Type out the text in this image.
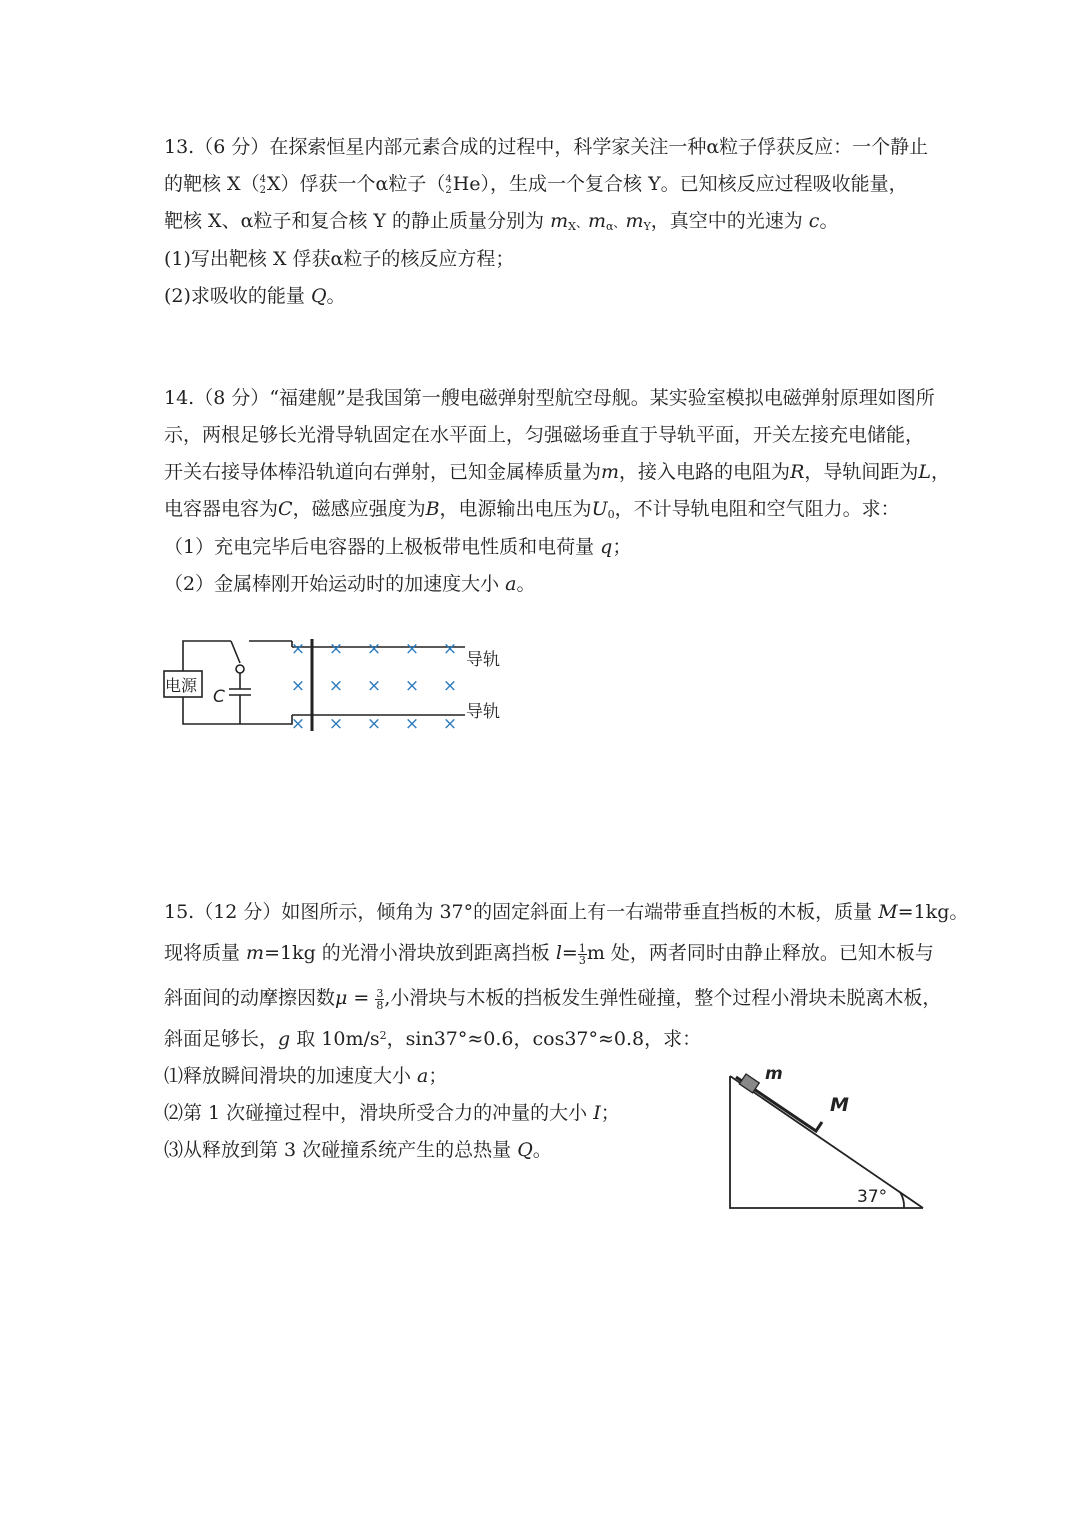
13.（6 分）在探索恒星内部元素合成的过程中，科学家关注一种α粒子俘获反应：一个静止
的靶核 X（4
2X）俘获一个α粒子（4
2He），生成一个复合核 Y。已知核反应过程吸收能量，
靶核 X、α粒子和复合核 Y 的静止质量分别为 $m_X$、$m_\alpha$、$m_Y$，真空中的光速为 c。
(1)写出靶核 X 俘获α粒子的核反应方程；
(2)求吸收的能量 Q。
14.（8 分）“福建舰”是我国第一艘电磁弹射型航空母舰。某实验室模拟电磁弹射原理如图所
示，两根足够长光滑导轨固定在水平面上，匀强磁场垂直于导轨平面，开关左接充电储能，
开关右接导体棒沿轨道向右弹射，已知金属棒质量为m，接入电路的电阻为R，导轨间距为L，
电容器电容为C，磁感应强度为B，电源输出电压为$U_0$，不计导轨电阻和空气阻力。求：
（1）充电完毕后电容器的上极板带电性质和电荷量 q；
（2）金属棒刚开始运动时的加速度大小 a。
× × × × ×
× × × × ×
× × × × ×
电源
C
导轨
导轨
15.（12 分）如图所示，倾角为 37°的固定斜面上有一右端带垂直挡板的木板，质量 M=1kg。
现将质量 m=1kg 的光滑小滑块放到距离挡板 $l= \frac{1}{3}$ m 处，两者同时由静止释放。已知木板与
斜面间的动摩擦因数$\mu = \frac{3}{8}$ ,小滑块与木板的挡板发生弹性碰撞，整个过程小滑块未脱离木板，
斜面足够长，g 取 $10m/s^2$，sin37°≈0.6，cos37°≈0.8，求：
⑴释放瞬间滑块的加速度大小 a；
⑵第 1 次碰撞过程中，滑块所受合力的冲量的大小 I；
⑶从释放到第 3 次碰撞系统产生的总热量 Q。
m
M
37°
